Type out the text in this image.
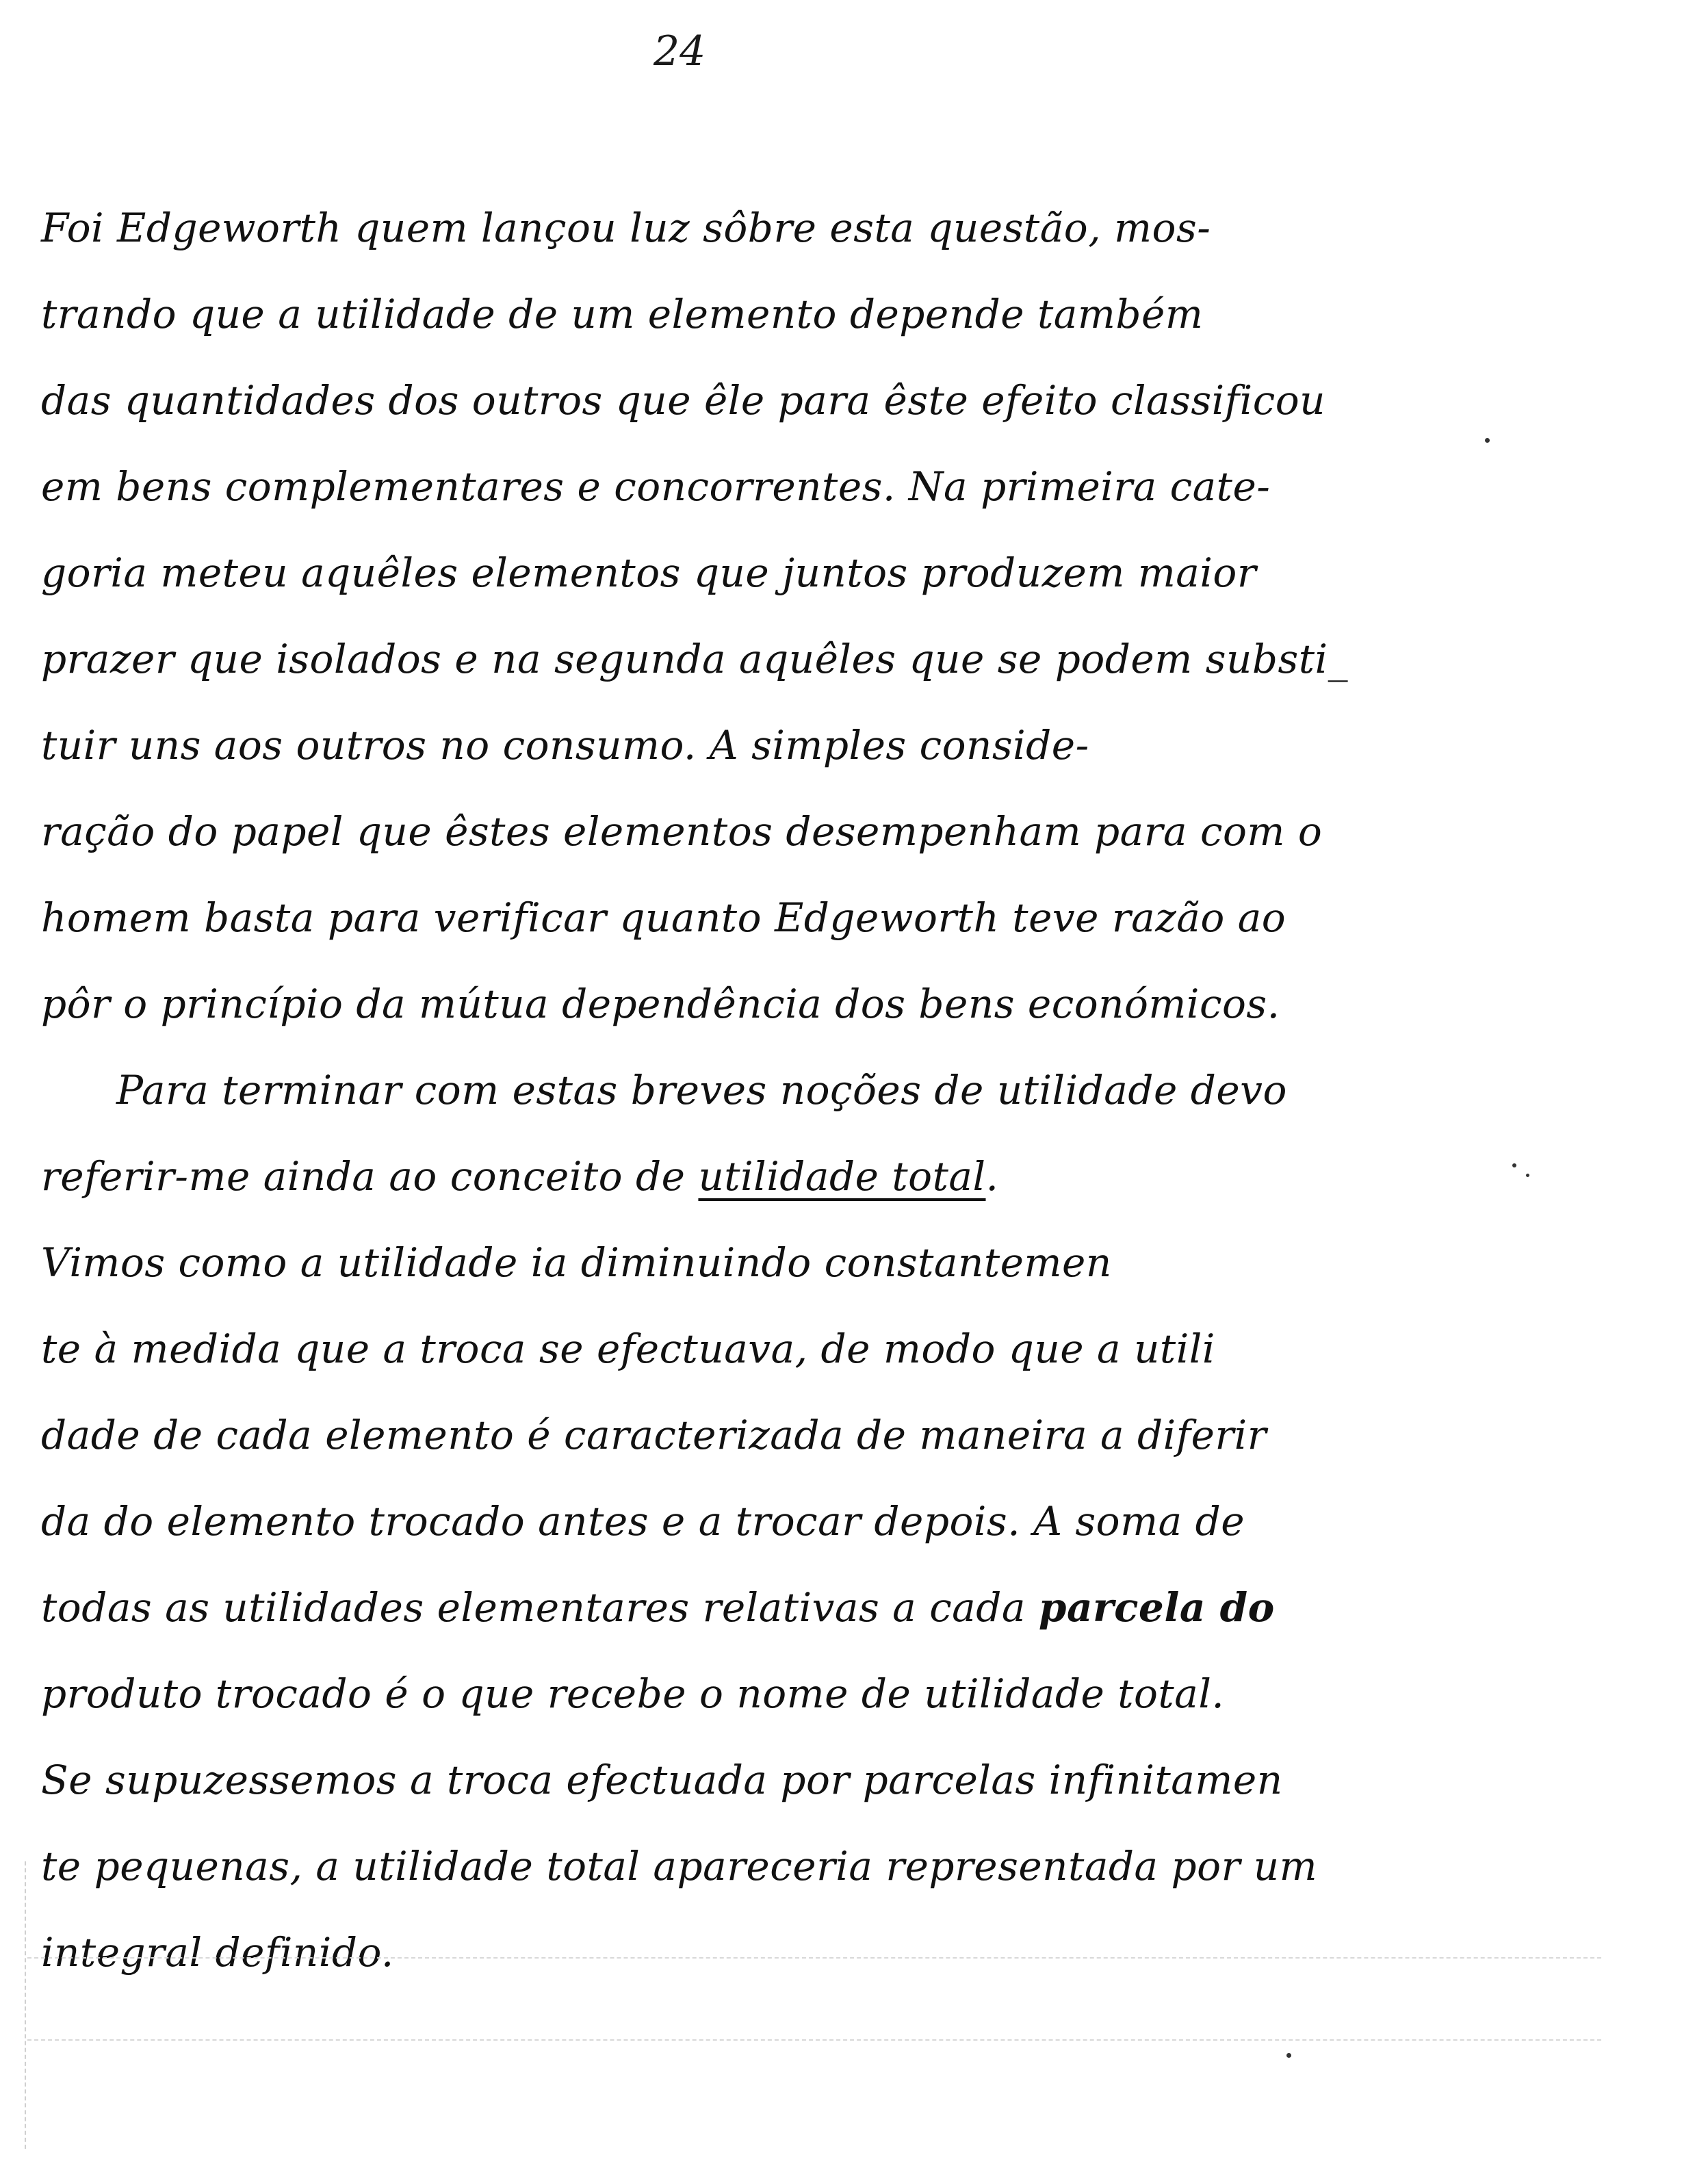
24
Foi Edgeworth quem lançou luz sôbre esta questão, mos-
trando que a utilidade de um elemento depende também
das quantidades dos outros que êle para êste efeito classificou
em bens complementares e concorrentes. Na primeira cate-
goria meteu aquêles elementos que juntos produzem maior
prazer que isolados e na segunda aquêles que se podem substi_
tuir uns aos outros no consumo. A simples conside-
ração do papel que êstes elementos desempenham para com o
homem basta para verificar quanto Edgeworth teve razão ao
pôr o princípio da mútua dependência dos bens económicos.
Para terminar com estas breves noções de utilidade devo
referir-me ainda ao conceito de utilidade total.
Vimos como a utilidade ia diminuindo constantemen
te à medida que a troca se efectuava, de modo que a utili
dade de cada elemento é caracterizada de maneira a diferir
da do elemento trocado antes e a trocar depois. A soma de
todas as utilidades elementares relativas a cada parcela do
produto trocado é o que recebe o nome de utilidade total.
Se supuzessemos a troca efectuada por parcelas infinitamen
te pequenas, a utilidade total apareceria representada por um
integral definido.
